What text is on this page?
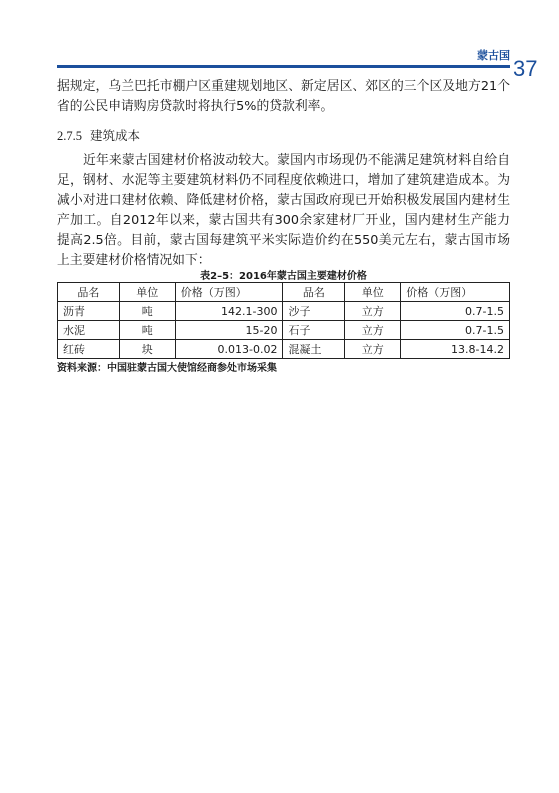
蒙古国
37
据规定，乌兰巴托市棚户区重建规划地区、新定居区、郊区的三个区及地方21个省的公民申请购房贷款时将执行5%的贷款利率。
2.7.5 建筑成本
近年来蒙古国建材价格波动较大。蒙国内市场现仍不能满足建筑材料自给自足，钢材、水泥等主要建筑材料仍不同程度依赖进口，增加了建筑建造成本。为减小对进口建材依赖、降低建材价格，蒙古国政府现已开始积极发展国内建材生产加工。自2012年以来，蒙古国共有300余家建材厂开业，国内建材生产能力提高2.5倍。目前，蒙古国每建筑平米实际造价约在550美元左右，蒙古国市场上主要建材价格情况如下：
表2–5：2016年蒙古国主要建材价格
品名	单位	价格（万图）	品名	单位	价格（万图）
沥青	吨	142.1-300	沙子	立方	0.7-1.5
水泥	吨	15-20	石子	立方	0.7-1.5
红砖	块	0.013-0.02	混凝土	立方	13.8-14.2
资料来源：中国驻蒙古国大使馆经商参处市场采集
